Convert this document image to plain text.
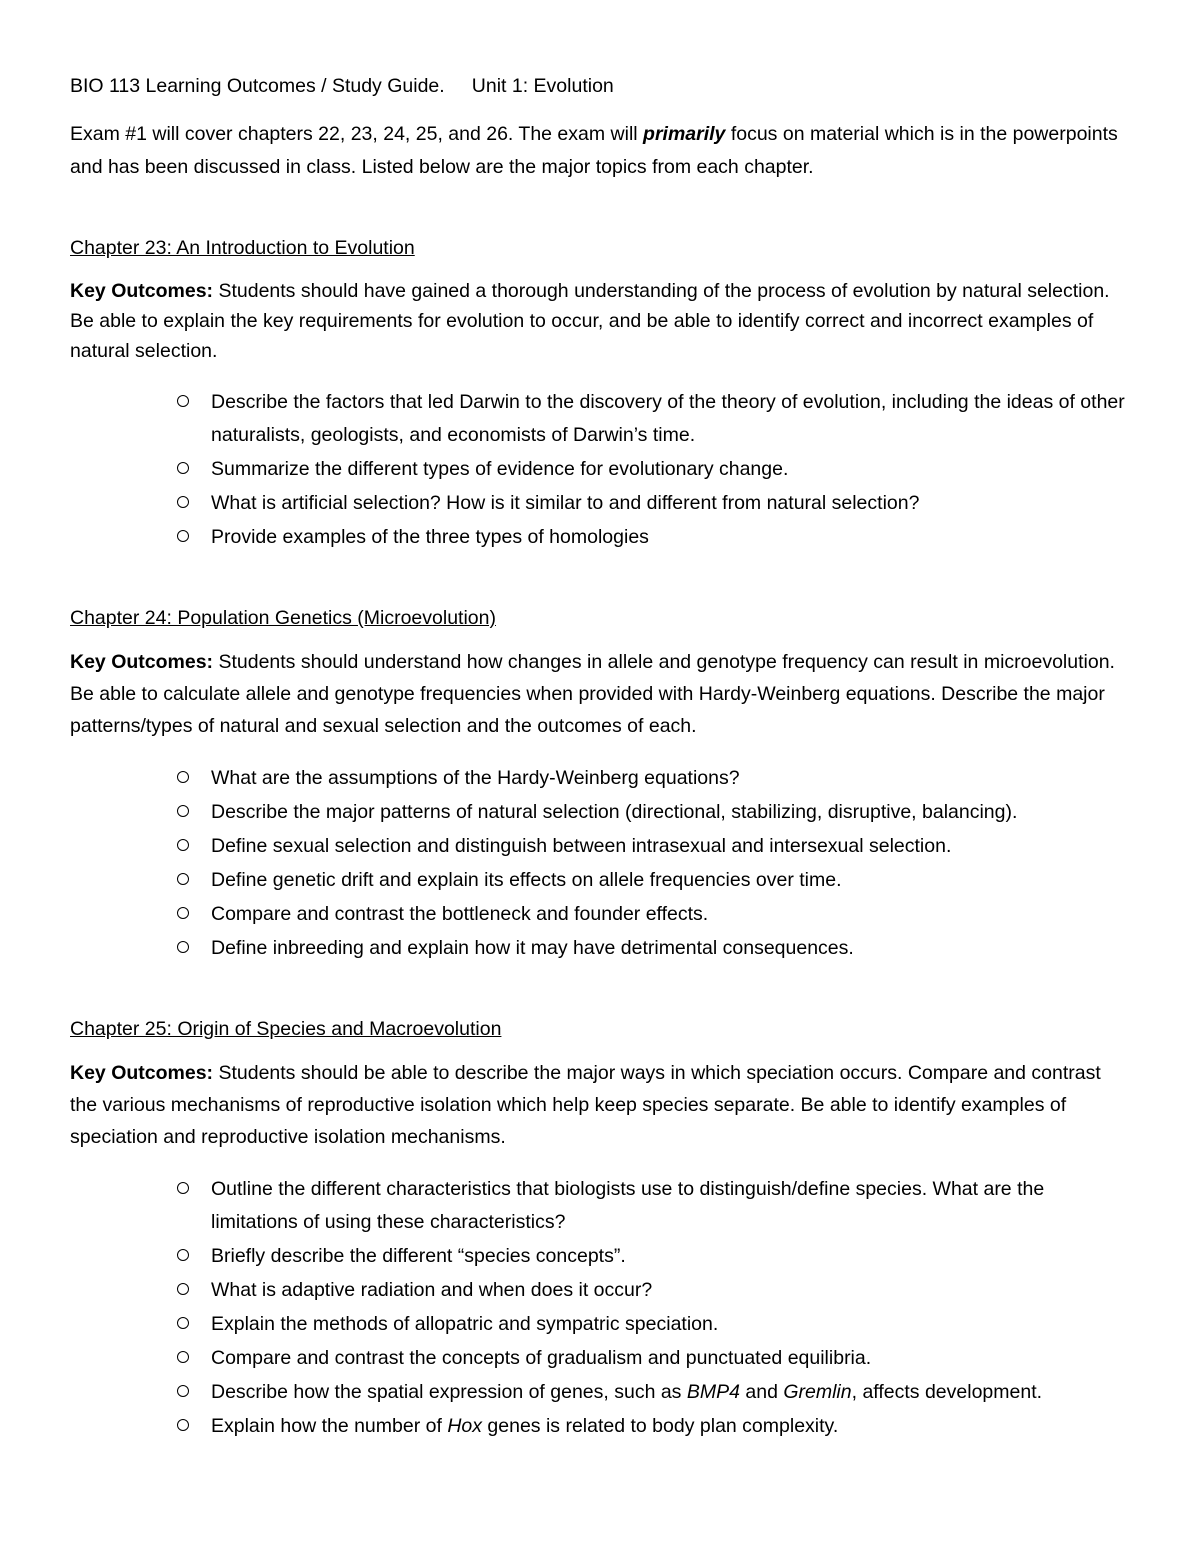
BIO 113 Learning Outcomes / Study Guide.     Unit 1: Evolution

Exam #1 will cover chapters 22, 23, 24, 25, and 26. The exam will primarily focus on material which is in the powerpoints and has been discussed in class. Listed below are the major topics from each chapter.

Chapter 23: An Introduction to Evolution

Key Outcomes: Students should have gained a thorough understanding of the process of evolution by natural selection. Be able to explain the key requirements for evolution to occur, and be able to identify correct and incorrect examples of natural selection.

Describe the factors that led Darwin to the discovery of the theory of evolution, including the ideas of other naturalists, geologists, and economists of Darwin’s time.
Summarize the different types of evidence for evolutionary change.
What is artificial selection? How is it similar to and different from natural selection?
Provide examples of the three types of homologies
Chapter 24: Population Genetics (Microevolution)

Key Outcomes: Students should understand how changes in allele and genotype frequency can result in microevolution. Be able to calculate allele and genotype frequencies when provided with Hardy-Weinberg equations. Describe the major patterns/types of natural and sexual selection and the outcomes of each.

What are the assumptions of the Hardy-Weinberg equations?
Describe the major patterns of natural selection (directional, stabilizing, disruptive, balancing).
Define sexual selection and distinguish between intrasexual and intersexual selection.
Define genetic drift and explain its effects on allele frequencies over time.
Compare and contrast the bottleneck and founder effects.
Define inbreeding and explain how it may have detrimental consequences.
Chapter 25: Origin of Species and Macroevolution

Key Outcomes: Students should be able to describe the major ways in which speciation occurs. Compare and contrast the various mechanisms of reproductive isolation which help keep species separate. Be able to identify examples of speciation and reproductive isolation mechanisms.

Outline the different characteristics that biologists use to distinguish/define species. What are the limitations of using these characteristics?
Briefly describe the different “species concepts”.
What is adaptive radiation and when does it occur?
Explain the methods of allopatric and sympatric speciation.
Compare and contrast the concepts of gradualism and punctuated equilibria.
Describe how the spatial expression of genes, such as BMP4 and Gremlin, affects development.
Explain how the number of Hox genes is related to body plan complexity.
